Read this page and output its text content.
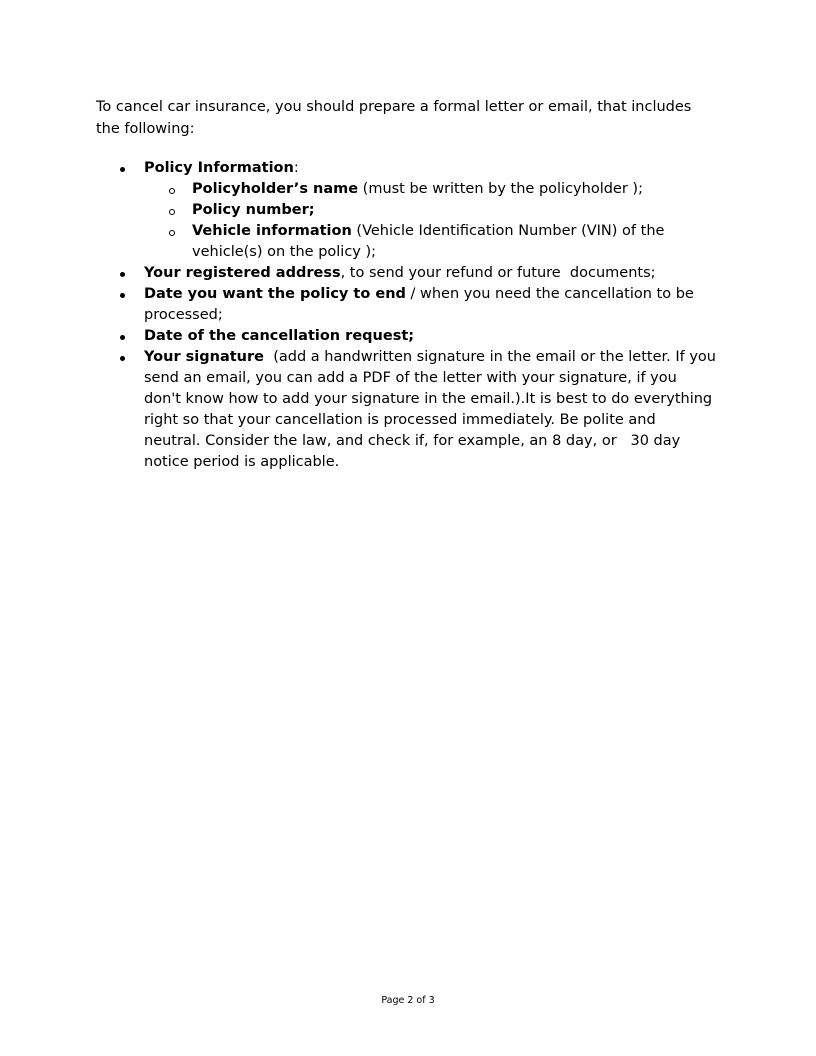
To cancel car insurance, you should prepare a formal letter or email, that includes the following:

Policy Information:
Policyholder’s name (must be written by the policyholder );
Policy number;
Vehicle information (Vehicle Identification Number (VIN) of the vehicle(s) on the policy );
Your registered address, to send your refund or future  documents;
Date you want the policy to end / when you need the cancellation to be processed;
Date of the cancellation request;
Your signature  (add a handwritten signature in the email or the letter. If you send an email, you can add a PDF of the letter with your signature, if you don't know how to add your signature in the email.).It is best to do everything right so that your cancellation is processed immediately. Be polite and neutral. Consider the law, and check if, for example, an 8 day, or   30 day notice period is applicable.
Page 2 of 3
